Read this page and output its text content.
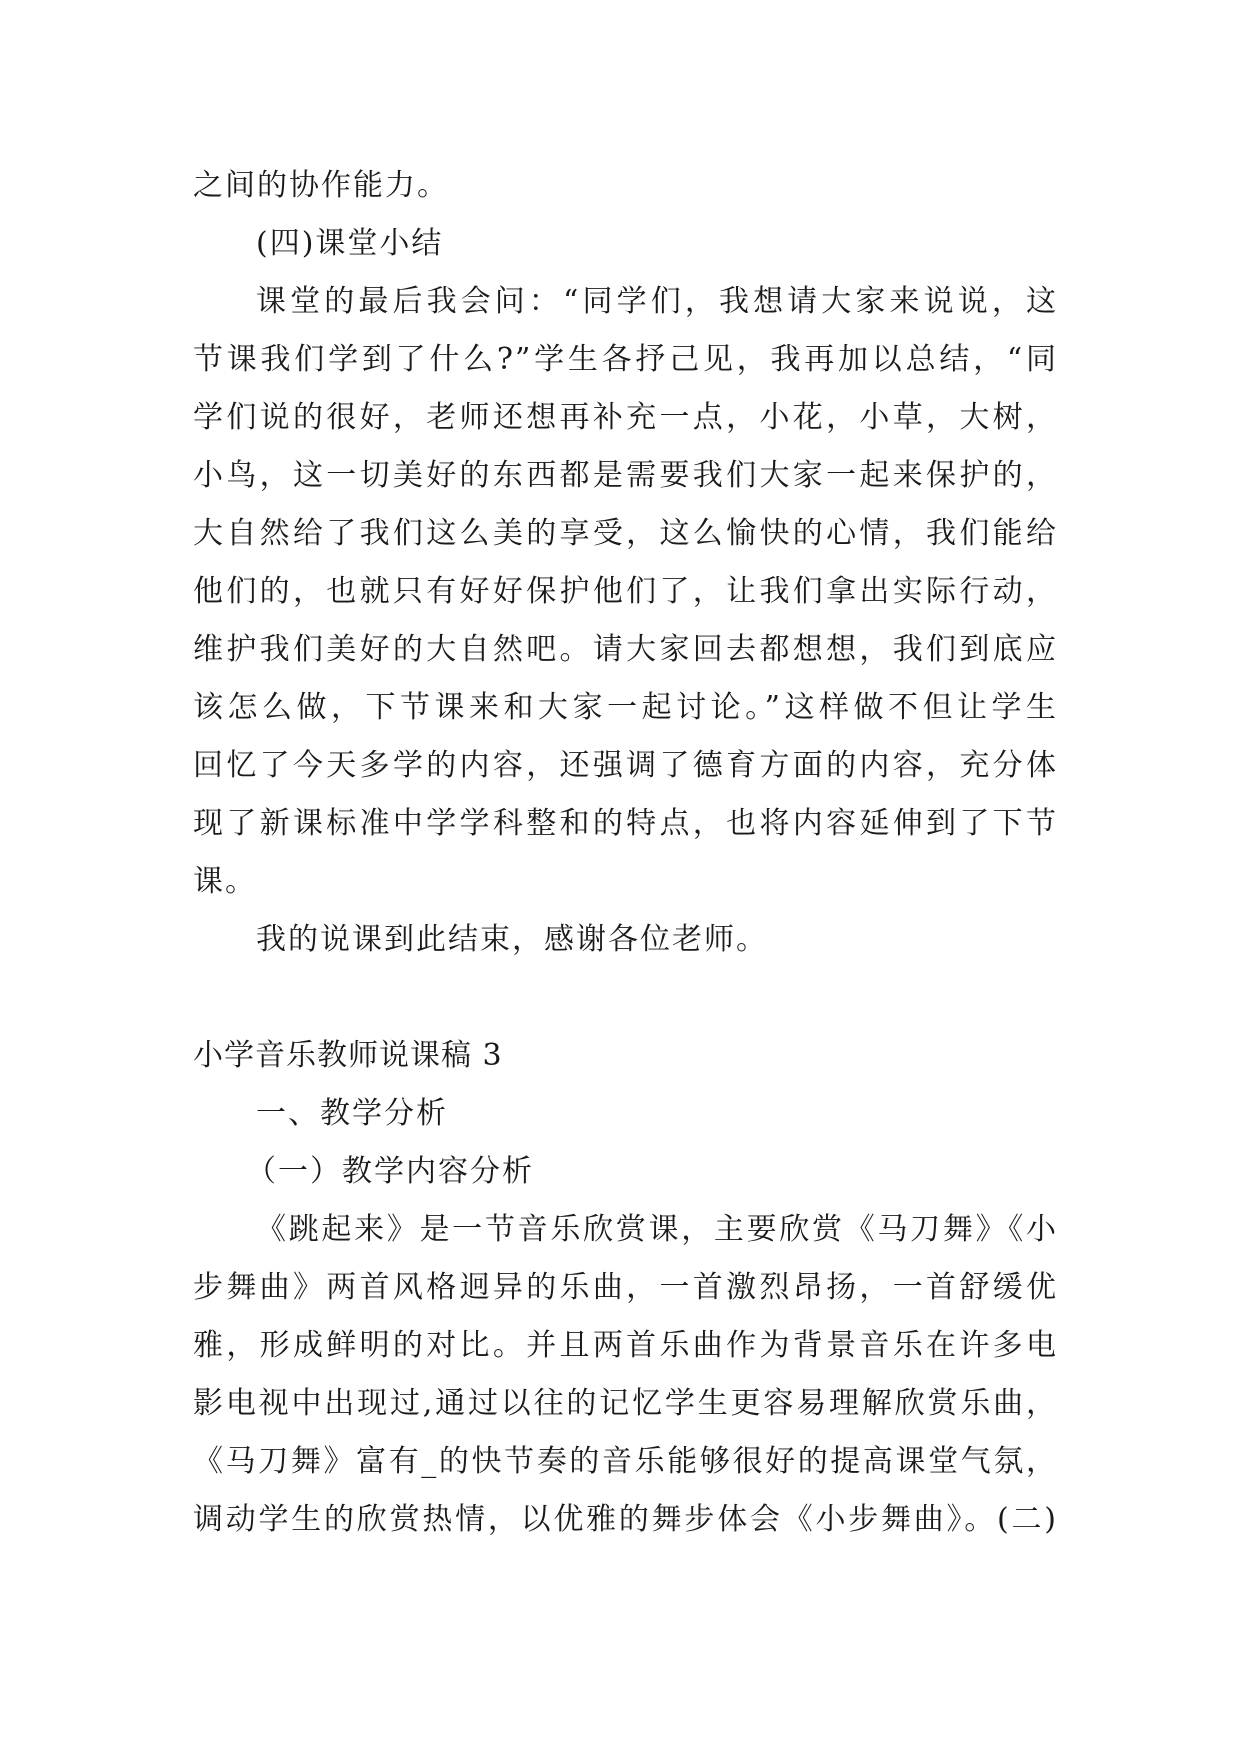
之间的协作能力。

(四)课堂小结

课堂的最后我会问：“同学们，我想请大家来说说，这

节课我们学到了什么?”学生各抒己见，我再加以总结，“同

学们说的很好，老师还想再补充一点，小花，小草，大树，

小鸟，这一切美好的东西都是需要我们大家一起来保护的，

大自然给了我们这么美的享受，这么愉快的心情，我们能给

他们的，也就只有好好保护他们了，让我们拿出实际行动，

维护我们美好的大自然吧。请大家回去都想想，我们到底应

该怎么做，下节课来和大家一起讨论。”这样做不但让学生

回忆了今天多学的内容，还强调了德育方面的内容，充分体

现了新课标准中学学科整和的特点，也将内容延伸到了下节

课。

我的说课到此结束，感谢各位老师。

小学音乐教师说课稿 3

一、教学分析

（一）教学内容分析

《跳起来》是一节音乐欣赏课，主要欣赏《马刀舞》《小

步舞曲》两首风格迥异的乐曲，一首激烈昂扬，一首舒缓优

雅，形成鲜明的对比。并且两首乐曲作为背景音乐在许多电

影电视中出现过,通过以往的记忆学生更容易理解欣赏乐曲，

《马刀舞》富有_的快节奏的音乐能够很好的提高课堂气氛，

调动学生的欣赏热情，以优雅的舞步体会《小步舞曲》。(二)
